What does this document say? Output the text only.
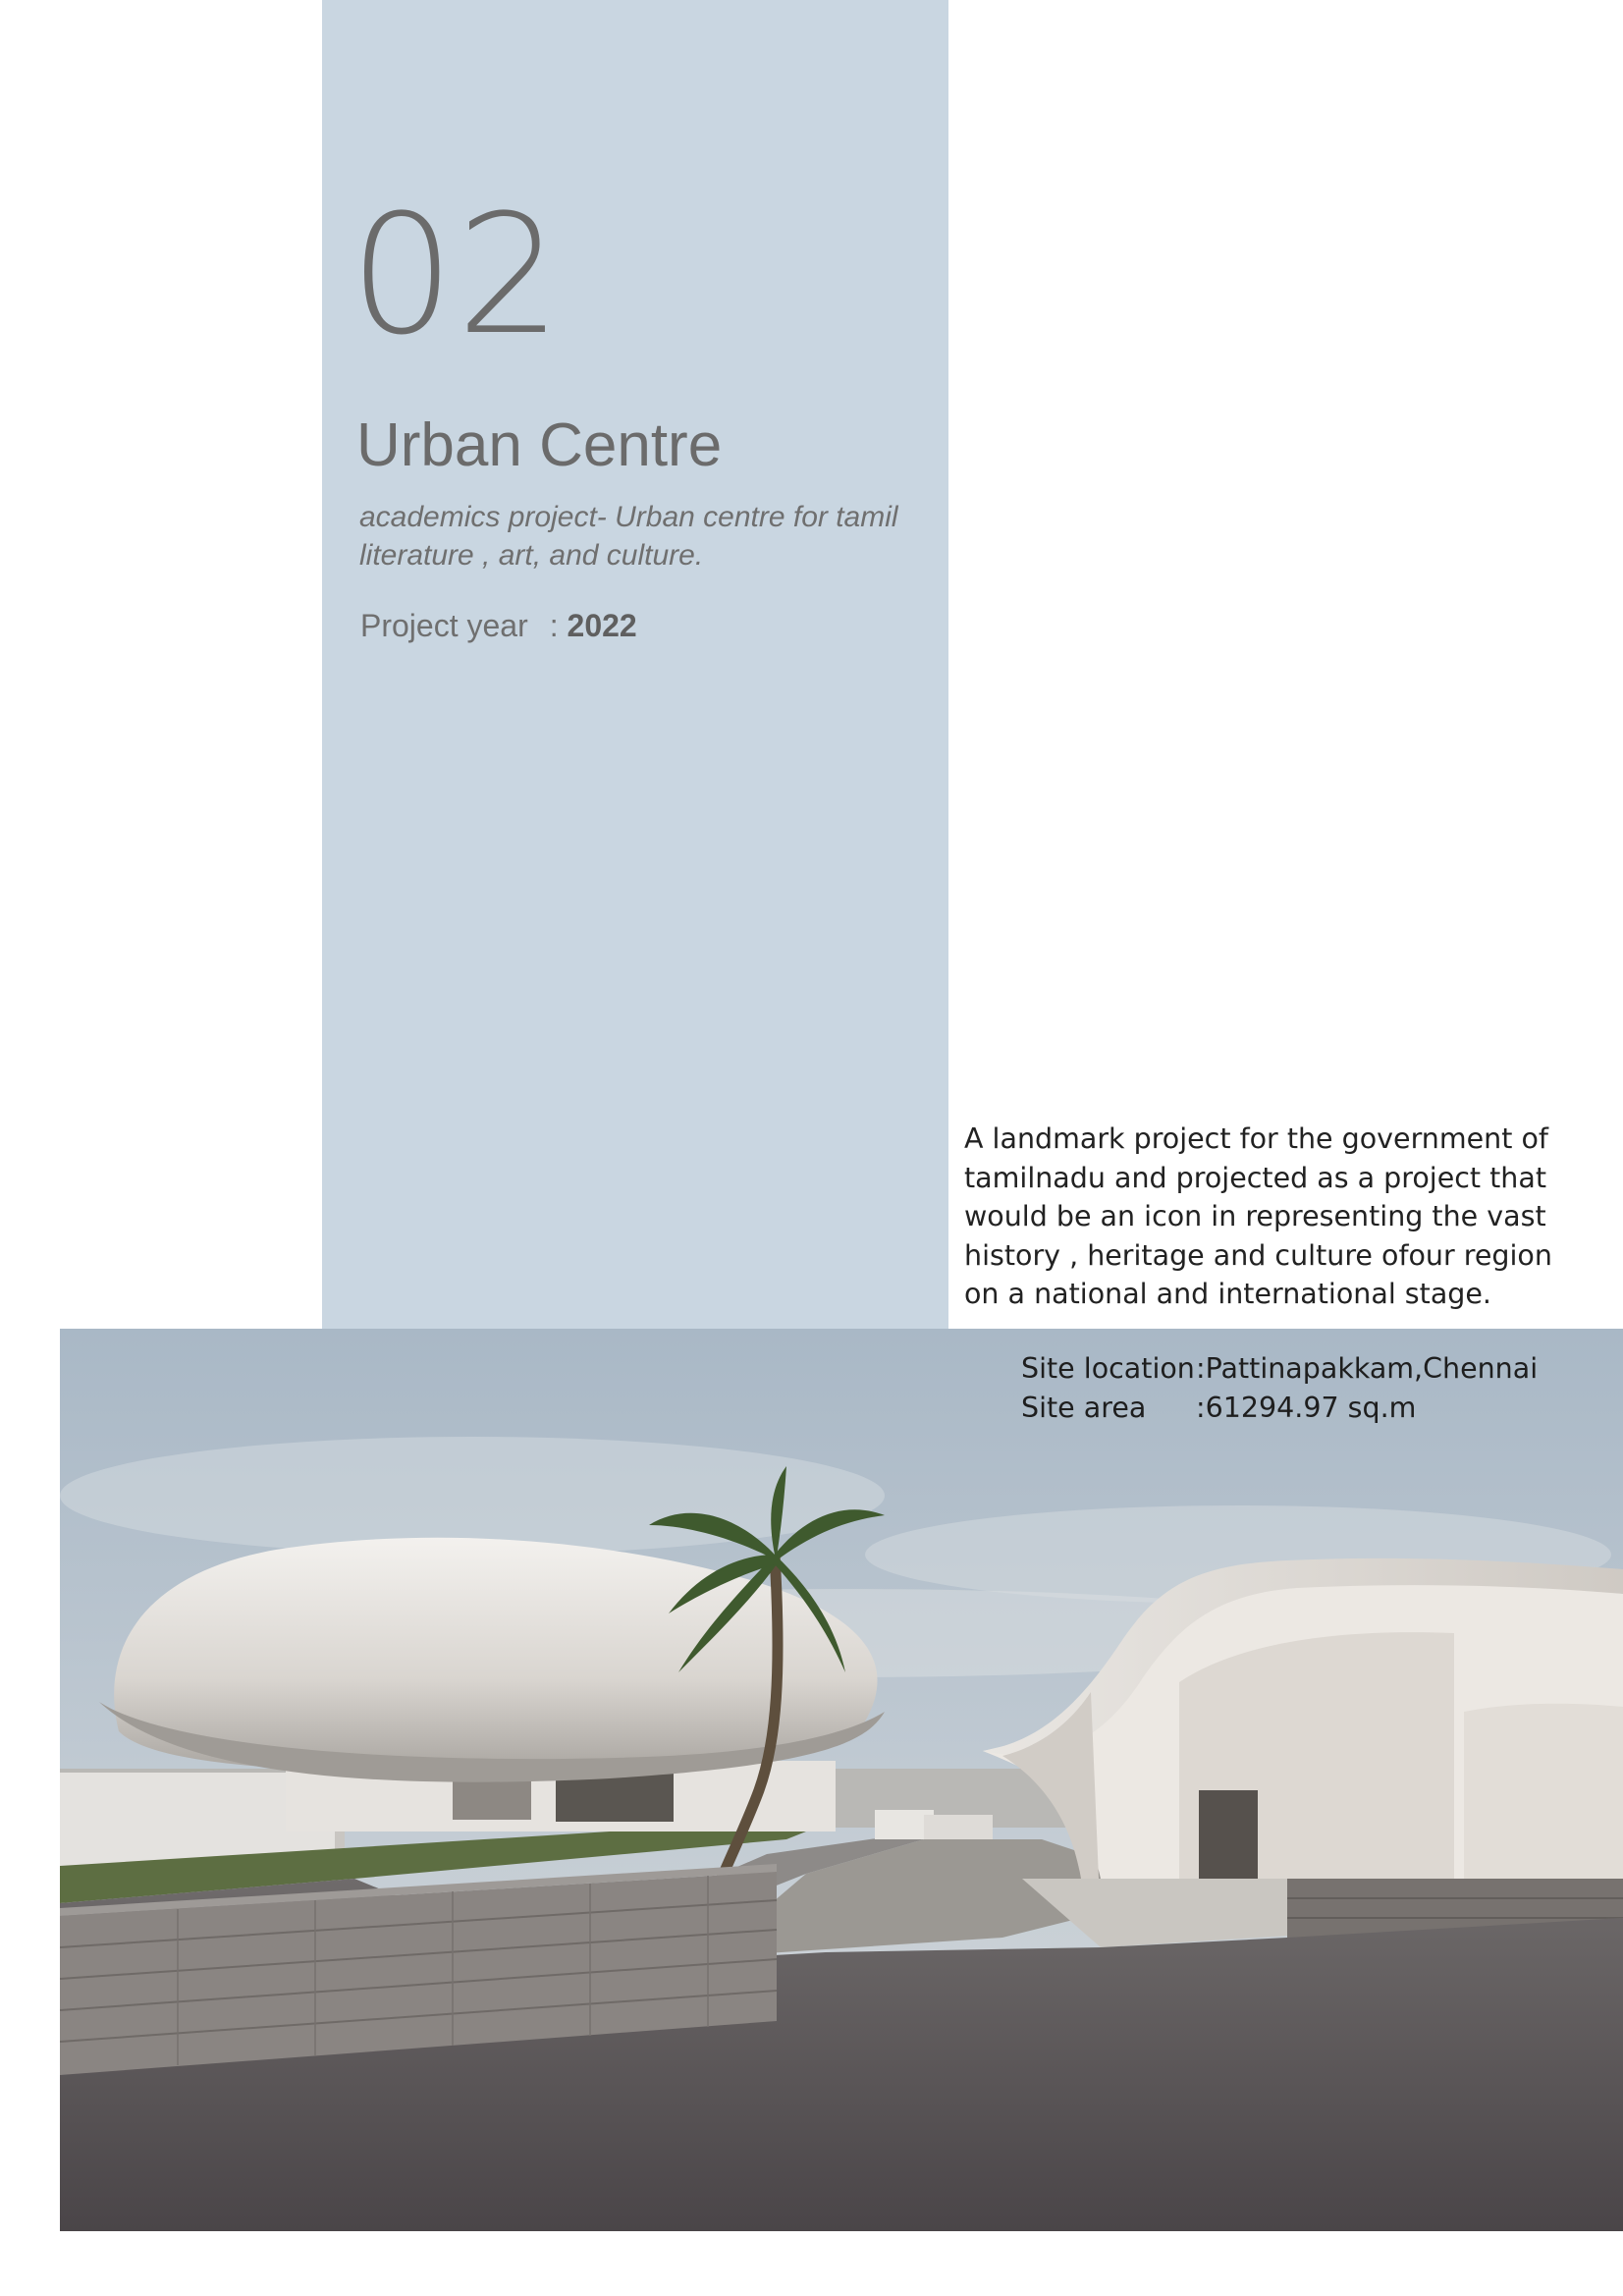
02
Urban Centre

academics project- Urban centre for tamil literature , art, and culture.

Project year : 2022

A landmark project for the government of tamilnadu and projected as a project that would be an icon in representing the vast history , heritage and culture ofour region on a national and international stage.

Site location:Pattinapakkam,Chennai
Site area :61294.97 sq.m
